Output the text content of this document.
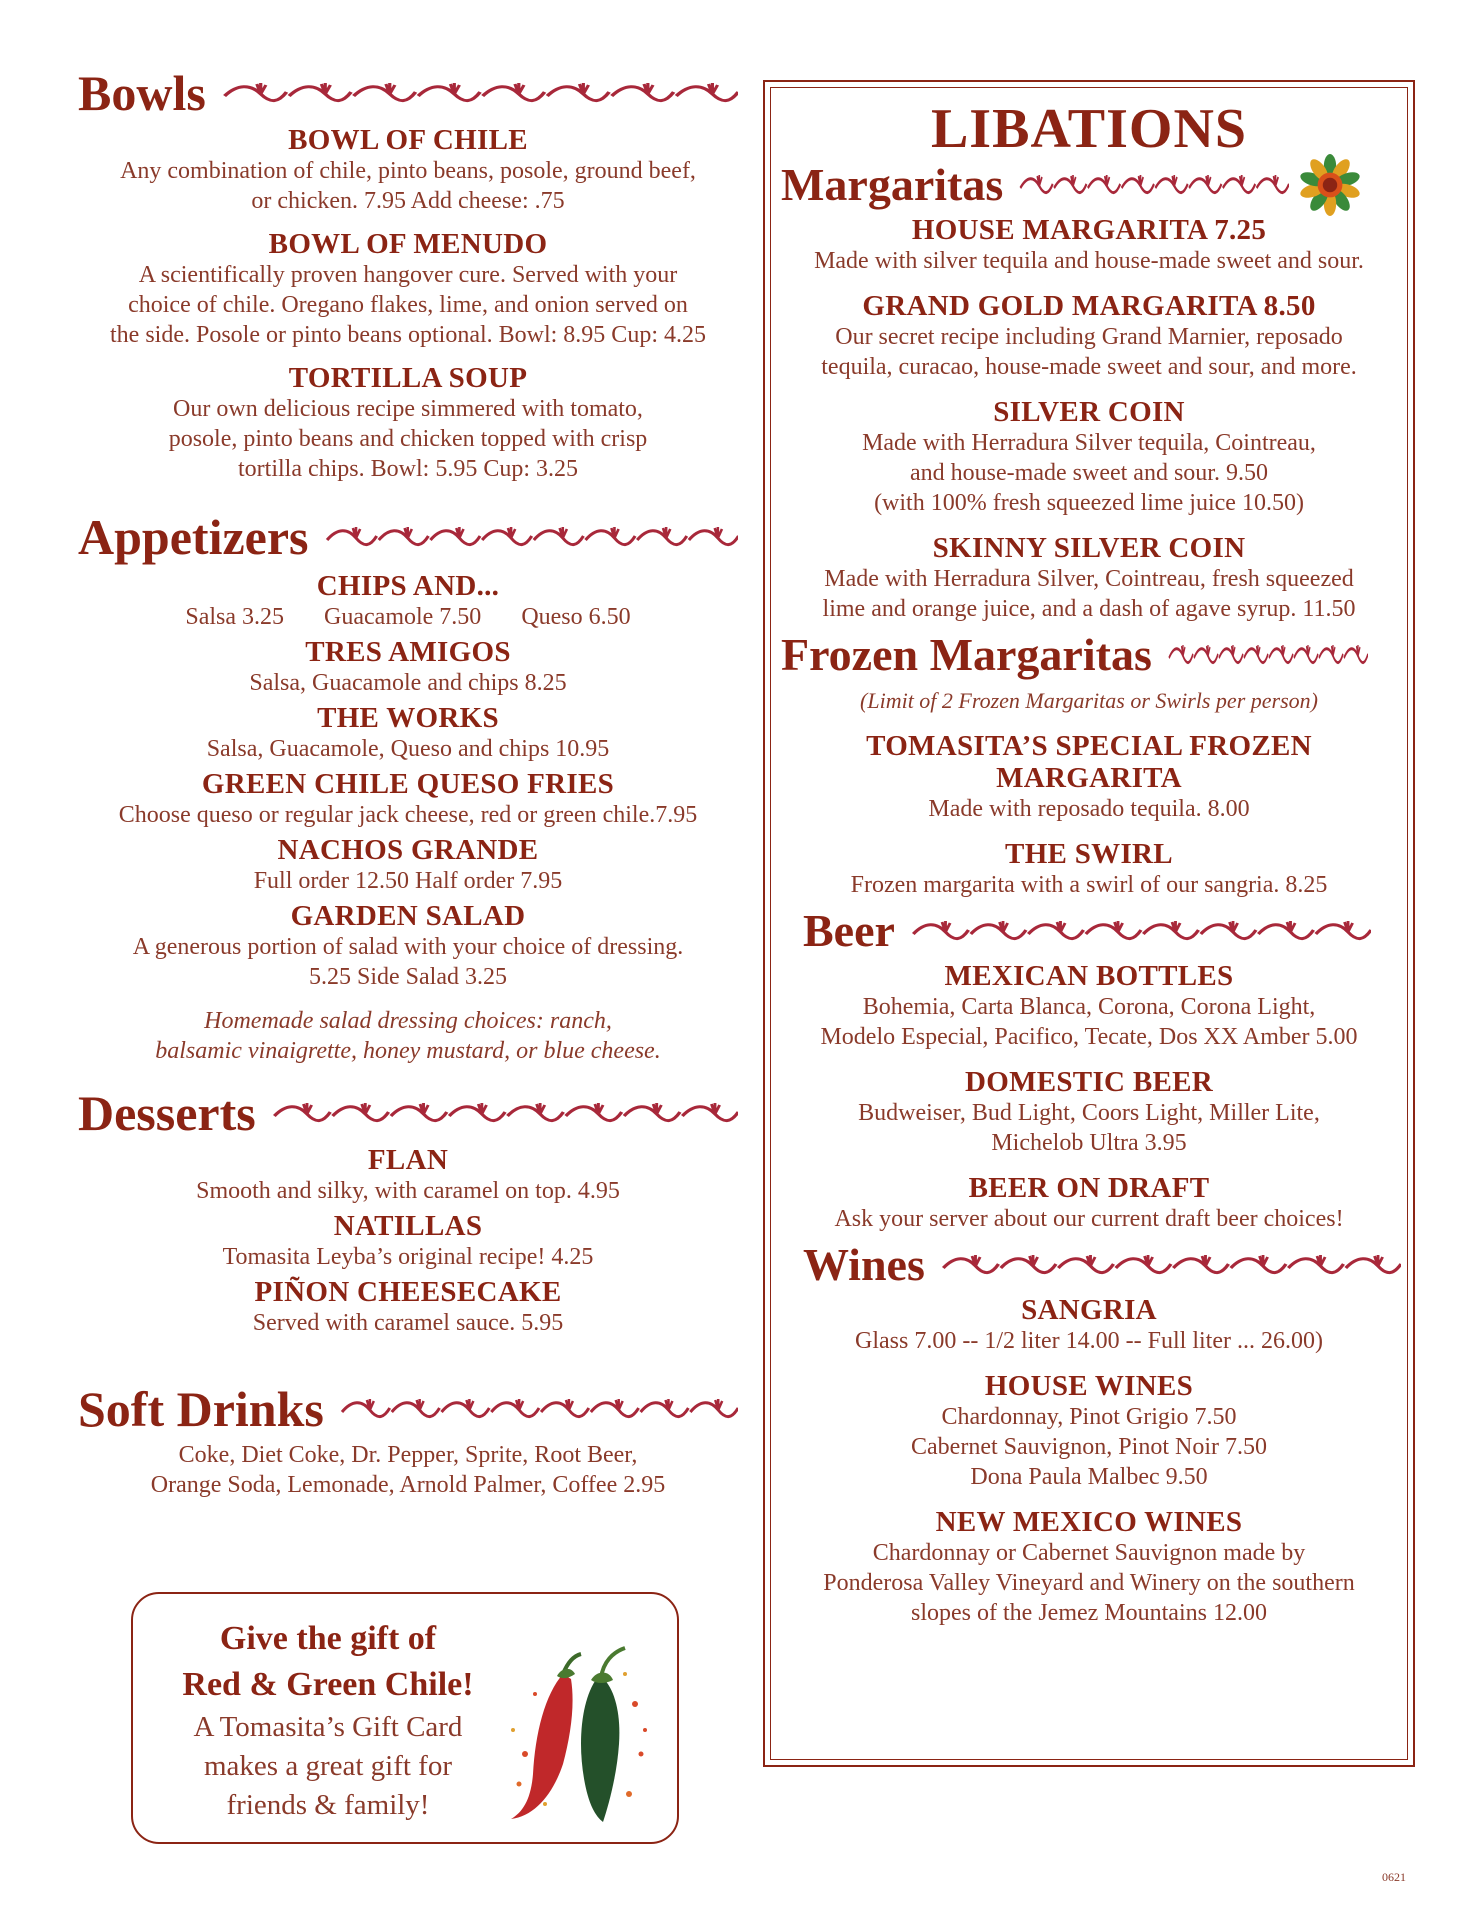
Bowls
BOWL OF CHILE
Any combination of chile, pinto beans, posole, ground beef,
or chicken. 7.95 Add cheese: .75
BOWL OF MENUDO
A scientifically proven hangover cure. Served with your
choice of chile. Oregano flakes, lime, and onion served on
the side. Posole or pinto beans optional. Bowl: 8.95 Cup: 4.25
TORTILLA SOUP
Our own delicious recipe simmered with tomato,
posole, pinto beans and chicken topped with crisp
tortilla chips. Bowl: 5.95 Cup: 3.25
Appetizers
CHIPS AND...
Salsa 3.25 Guacamole 7.50 Queso 6.50
TRES AMIGOS
Salsa, Guacamole and chips 8.25
THE WORKS
Salsa, Guacamole, Queso and chips 10.95
GREEN CHILE QUESO FRIES
Choose queso or regular jack cheese, red or green chile.7.95
NACHOS GRANDE
Full order 12.50 Half order 7.95
GARDEN SALAD
A generous portion of salad with your choice of dressing.
5.25 Side Salad 3.25
Homemade salad dressing choices: ranch,
balsamic vinaigrette, honey mustard, or blue cheese.
Desserts
FLAN
Smooth and silky, with caramel on top. 4.95
NATILLAS
Tomasita Leyba’s original recipe! 4.25
PIÑON CHEESECAKE
Served with caramel sauce. 5.95
Soft Drinks
Coke, Diet Coke, Dr. Pepper, Sprite, Root Beer,
Orange Soda, Lemonade, Arnold Palmer, Coffee 2.95
Give the gift of
Red & Green Chile!
A Tomasita’s Gift Card
makes a great gift for
friends & family!
LIBATIONS
Margaritas
HOUSE MARGARITA 7.25
Made with silver tequila and house-made sweet and sour.
GRAND GOLD MARGARITA 8.50
Our secret recipe including Grand Marnier, reposado
tequila, curacao, house-made sweet and sour, and more.
SILVER COIN
Made with Herradura Silver tequila, Cointreau,
and house-made sweet and sour. 9.50
(with 100% fresh squeezed lime juice 10.50)
SKINNY SILVER COIN
Made with Herradura Silver, Cointreau, fresh squeezed
lime and orange juice, and a dash of agave syrup. 11.50
Frozen Margaritas
(Limit of 2 Frozen Margaritas or Swirls per person)
TOMASITA’S SPECIAL FROZEN
MARGARITA
Made with reposado tequila. 8.00
THE SWIRL
Frozen margarita with a swirl of our sangria. 8.25
Beer
MEXICAN BOTTLES
Bohemia, Carta Blanca, Corona, Corona Light,
Modelo Especial, Pacifico, Tecate, Dos XX Amber 5.00
DOMESTIC BEER
Budweiser, Bud Light, Coors Light, Miller Lite,
Michelob Ultra 3.95
BEER ON DRAFT
Ask your server about our current draft beer choices!
Wines
SANGRIA
Glass 7.00 -- 1/2 liter 14.00 -- Full liter ... 26.00)
HOUSE WINES
Chardonnay, Pinot Grigio 7.50
Cabernet Sauvignon, Pinot Noir 7.50
Dona Paula Malbec 9.50
NEW MEXICO WINES
Chardonnay or Cabernet Sauvignon made by
Ponderosa Valley Vineyard and Winery on the southern
slopes of the Jemez Mountains 12.00
0621
